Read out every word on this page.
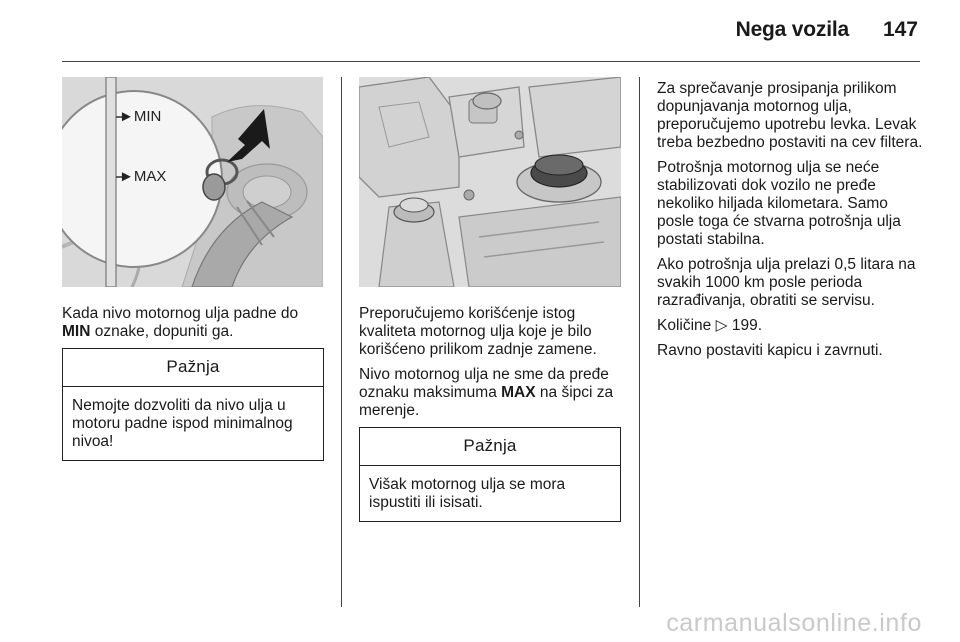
Nega vozila 147
►MIN
►MAX

Kada nivo motornog ulja padne do MIN oznake, dopuniti ga.

Pažnja
Nemojte dozvoliti da nivo ulja u motoru padne ispod minimalnog nivoa!

Preporučujemo korišćenje istog kvaliteta motornog ulja koje je bilo korišćeno prilikom zadnje zamene.

Nivo motornog ulja ne sme da pređe oznaku maksimuma MAX na šipci za merenje.

Pažnja
Višak motornog ulja se mora ispustiti ili isisati.

Za sprečavanje prosipanja prilikom dopunjavanja motornog ulja, preporučujemo upotrebu levka. Levak treba bezbedno postaviti na cev filtera.

Potrošnja motornog ulja se neće stabilizovati dok vozilo ne pređe nekoliko hiljada kilometara. Samo posle toga će stvarna potrošnja ulja postati stabilna.

Ako potrošnja ulja prelazi 0,5 litara na svakih 1000 km posle perioda razrađivanja, obratiti se servisu.

Količine ▷ 199.

Ravno postaviti kapicu i zavrnuti.

carmanualsonline.info
